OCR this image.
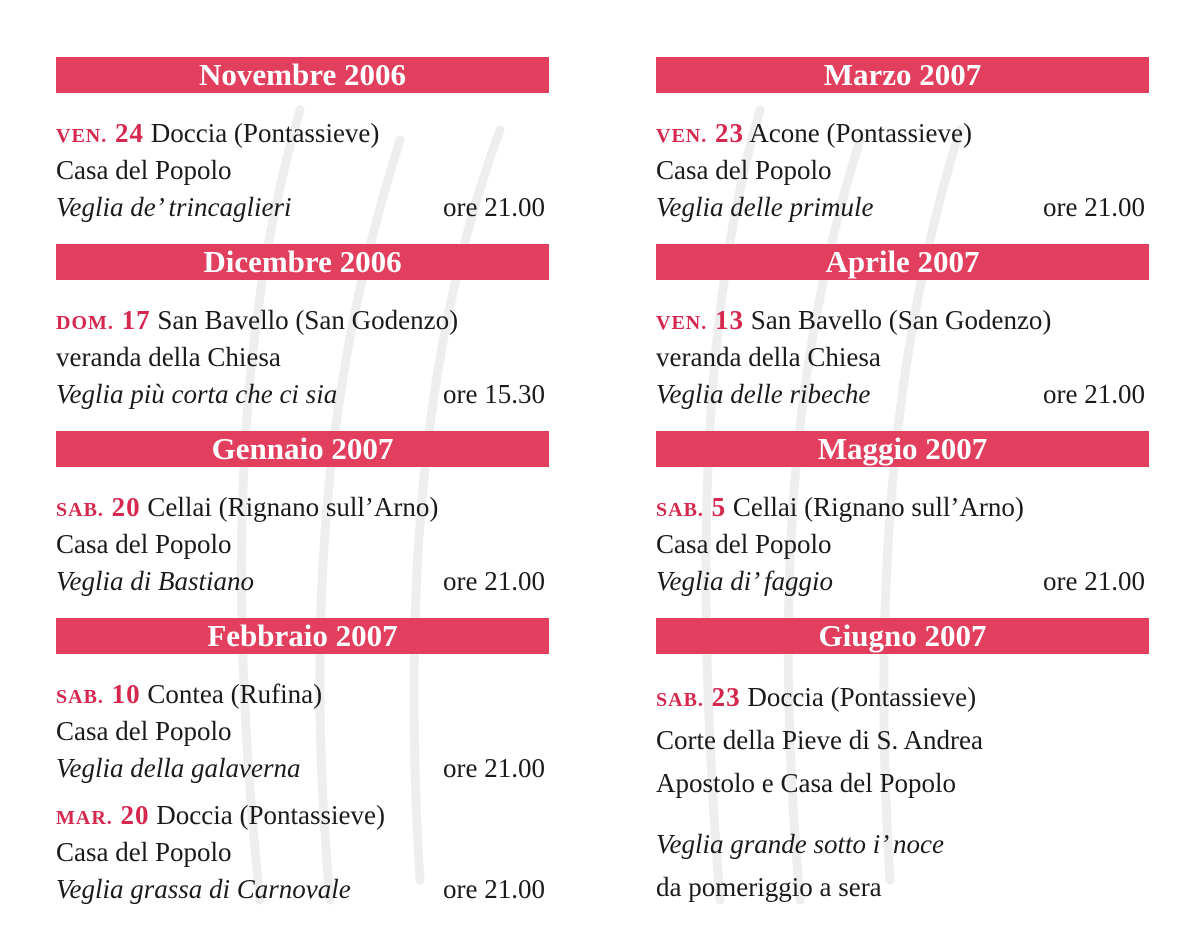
Novembre 2006
VEN. 24 Doccia (Pontassieve)
Casa del Popolo
Veglia de’ trincaglieri	ore 21.00
Dicembre 2006
DOM. 17 San Bavello (San Godenzo)
veranda della Chiesa
Veglia più corta che ci sia	ore 15.30
Gennaio 2007
SAB. 20 Cellai (Rignano sull’Arno)
Casa del Popolo
Veglia di Bastiano	ore 21.00
Febbraio 2007
SAB. 10 Contea (Rufina)
Casa del Popolo
Veglia della galaverna	ore 21.00
MAR. 20 Doccia (Pontassieve)
Casa del Popolo
Veglia grassa di Carnovale	ore 21.00
Marzo 2007
VEN. 23 Acone (Pontassieve)
Casa del Popolo
Veglia delle primule	ore 21.00
Aprile 2007
VEN. 13 San Bavello (San Godenzo)
veranda della Chiesa
Veglia delle ribeche	ore 21.00
Maggio 2007
SAB. 5 Cellai (Rignano sull’Arno)
Casa del Popolo
Veglia di’ faggio	ore 21.00
Giugno 2007
SAB. 23 Doccia (Pontassieve)
Corte della Pieve di S. Andrea
Apostolo e Casa del Popolo
Veglia grande sotto i’ noce
da pomeriggio a sera
